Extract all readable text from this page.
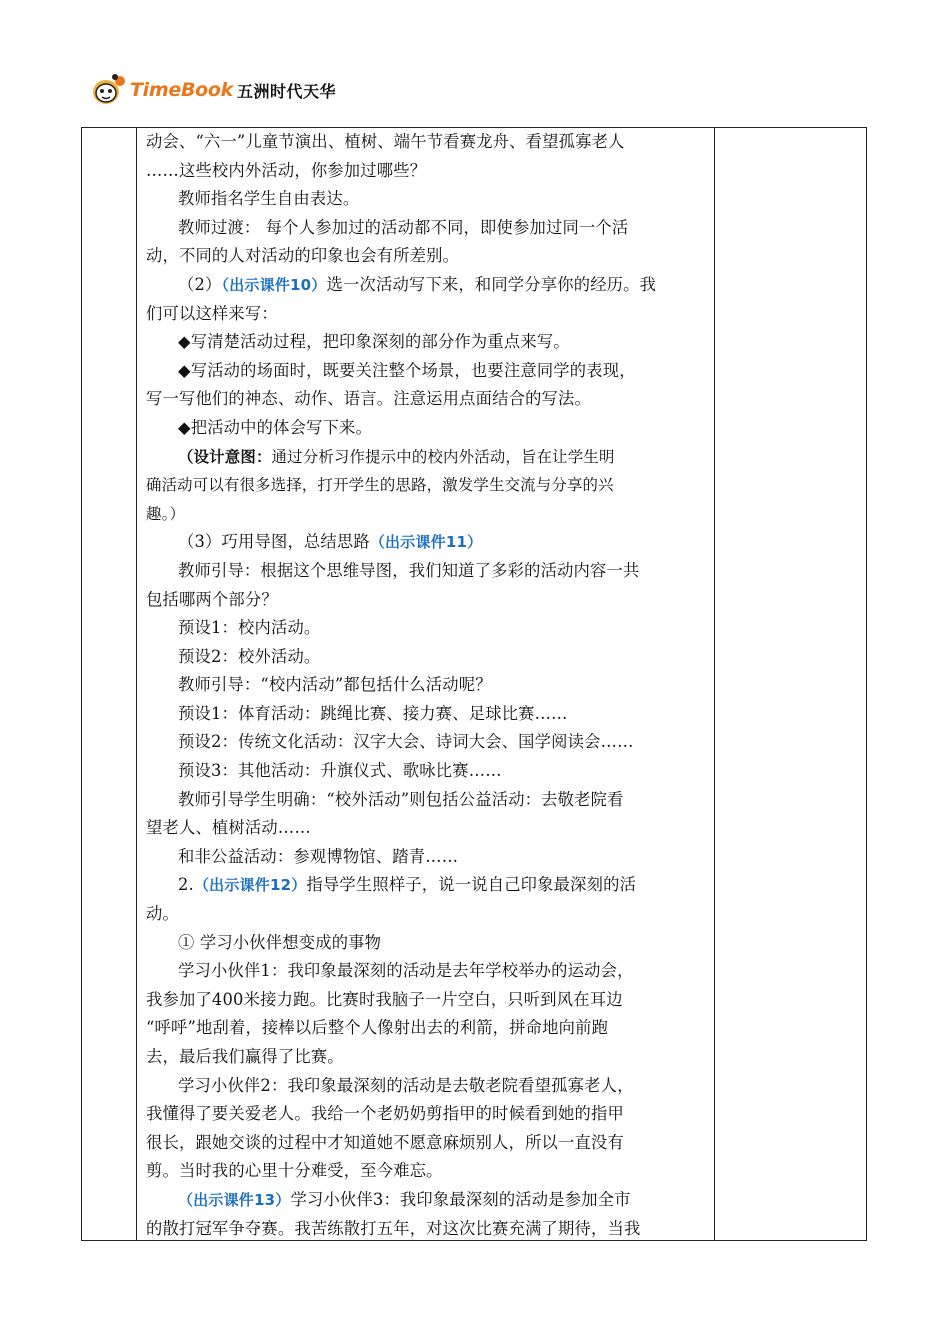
TimeBook 五洲时代天华

动会、“六一”儿童节演出、植树、端午节看赛龙舟、看望孤寡老人

……这些校内外活动，你参加过哪些？

教师指名学生自由表达。

教师过渡： 每个人参加过的活动都不同，即使参加过同一个活

动，不同的人对活动的印象也会有所差别。

（2）（出示课件10）选一次活动写下来，和同学分享你的经历。我

们可以这样来写：

◆写清楚活动过程，把印象深刻的部分作为重点来写。

◆写活动的场面时，既要关注整个场景，也要注意同学的表现，

写一写他们的神态、动作、语言。注意运用点面结合的写法。

◆把活动中的体会写下来。

（设计意图：通过分析习作提示中的校内外活动，旨在让学生明

确活动可以有很多选择，打开学生的思路，激发学生交流与分享的兴

趣。）

（3）巧用导图，总结思路（出示课件11）

教师引导：根据这个思维导图，我们知道了多彩的活动内容一共

包括哪两个部分？

预设1：校内活动。

预设2：校外活动。

教师引导：“校内活动”都包括什么活动呢？

预设1：体育活动：跳绳比赛、接力赛、足球比赛……

预设2：传统文化活动：汉字大会、诗词大会、国学阅读会……

预设3：其他活动：升旗仪式、歌咏比赛……

教师引导学生明确：“校外活动”则包括公益活动：去敬老院看

望老人、植树活动……

和非公益活动：参观博物馆、踏青……

2.（出示课件12）指导学生照样子，说一说自己印象最深刻的活

动。

① 学习小伙伴想变成的事物

学习小伙伴1：我印象最深刻的活动是去年学校举办的运动会，

我参加了400米接力跑。比赛时我脑子一片空白，只听到风在耳边

“呼呼”地刮着，接棒以后整个人像射出去的利箭，拼命地向前跑

去，最后我们赢得了比赛。

学习小伙伴2：我印象最深刻的活动是去敬老院看望孤寡老人，

我懂得了要关爱老人。我给一个老奶奶剪指甲的时候看到她的指甲

很长，跟她交谈的过程中才知道她不愿意麻烦别人，所以一直没有

剪。当时我的心里十分难受，至今难忘。

（出示课件13）学习小伙伴3：我印象最深刻的活动是参加全市

的散打冠军争夺赛。我苦练散打五年，对这次比赛充满了期待，当我
